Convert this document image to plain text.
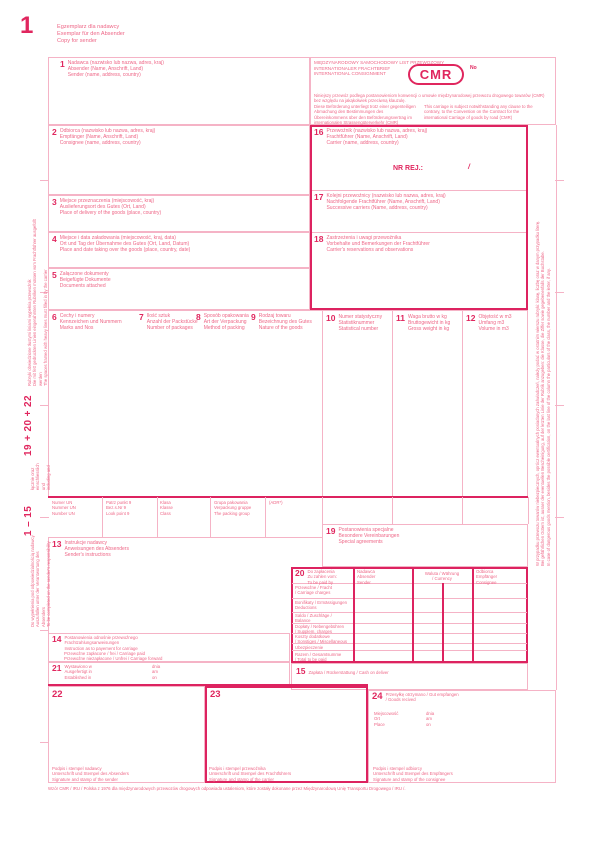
1	Egzemplarz dla nadawcy
Exemplar für den Absender
Copy for sender
1 Nadawca (nazwisko lub nazwa, adres, kraj)
Absender (Name, Anschrift, Land)
Sender (name, address, country)
2 Odbiorca (nazwisko lub nazwa, adres, kraj)
Empfänger (Name, Anschrift, Land)
Consignee (name, address, country)
3 Miejsce przeznaczenia (miejscowość, kraj)
Auslieferungsort des Gutes (Ort, Land)
Place of delivery of the goods (place, country)
4 Miejsce i data załadowania (miejscowość, kraj, data)
Ort und Tag der Übernahme des Gutes (Ort, Land, Datum)
Place and date taking over the goods (place, country, date)
5 Załączone dokumenty
Beigefügte Dokumente
Documents attached
MIĘDZYNARODOWY SAMOCHODOWY LIST PRZEWOZOWY
INTERNATIONALER FRACHTBRIEF
INTERNATIONAL CONSIGNMENT	CMR	No
Niniejszy przewóz podlega postanowieniom konwencji o umowie międzynarodowej przewozu drogowego towarów (CMR) bez względu na jakąkolwiek przeciwną klauzulę.
Diese Beförderung unterliegt trotz einer gegenteiligen Abmachung den Bestimmungen des Übereinkommens über den Beförderungsvertrag im internationalen Strassengüterverkehr (CMR)
This carriage is subject notwithstanding any clause to the contrary, to the Convention on the Contract for the international Carriage of goods by road (CMR)
16 Przewoźnik (nazwisko lub nazwa, adres, kraj)
Frachtführer (Name, Anschrift, Land)
Carrier (name, address, country)
NR REJ.:	/
17 Kolejni przewoźnicy (nazwisko lub nazwa, adres, kraj)
Nachfolgende Frachtführer (Name, Anschrift, Land)
Successive carriers (Name, address, country)
18 Zastrzeżenia i uwagi przewoźnika
Vorbehalte und Bemerkungen der Frachtführer
Carrier's reservations and observations
6 Cechy i numery
Kennzeichen und Nummern
Marks and Nos
7 Ilość sztuk
Anzahl der Packstücke
Number of packages
8 Sposób opakowania
Art der Verpackung
Method of packing
9 Rodzaj towaru
Bezeichnung des Gutes
Nature of the goods
10 Numer statystyczny
Statistiknummer
Statistical number
11 Waga brutto w kg
Bruttogewicht in kg
Gross weight in kg
12 Objętość w m3
Umfang m3
Volume in m3
Numer UN
Nummer UN
Number UN
Patrz punkt 9
Bez.s.Nr 9
Look point 9
Klasa
Klasse
Class
Grupa pakowania
Verpackung gruppe
The packing group
(ADR*)
13 Instrukcje nadawcy
Anweisungen des Absenders
Sender's instructions
19 Postanowienia specjalne
Besondere Vereinbarungen
Special agreements
20 Do zapłacenia
Zu zahlen vom:
To be paid by
Nadawca
Absender
Sender
Waluta / Währung
/ Currency
Odbiorca
Empfänger
Consignee
Przewoźne / Fracht
/ Carriage charges
Bonifikaty / Ermässigungen
Deductions
Saldo / Zuschläge /
Balance
Dopłaty / Nebengebühren
/ Supplem. charges
Koszty dodatkowe
/ Sonstiges / Miscellaneous
Ubezpieczenie
Razem / Gesamtsumme
/ Total to be paid
15 Zapłata / Rückerstattung / Cash on deliver
14 Postanowienia odnośnie przewoźnego
Frachtzahlungsanweisungen
Instruction as to payement for carriage
Przewoźne zapłacone / frei / Carriage paid
Przewoźne niezapłacone / Unfrei / Carriage forward
21 Wystawiono w
Ausgefertigt in
Established in
dnia
am
on
22
Podpis i stempel nadawcy
Unterschrift und Stempel des Absenders
Signature and stamp of the sender
23
Podpis i stempel przewoźnika
Unterschrift und Stempel des Frachtführers
Signature and stamp of the carrier
24 Przesyłkę otrzymano / Gut empfangen
/ Goods recived
Miejscowość
Ort
Place
dnia
am
on
Podpis i stempel odbiorcy
Unterschrift und Stempel des Empfängers
Signature and stamp of the consignee
Wzór CMR / IRU / Polska z 1976 dla międzynarodowych przewozów drogowych odpowiada ustaleniom, które zostały dokonane przez Międzynarodową Unię Transportu Drogowego / IRU /.
Rubryki obwiedzione tłustymi liniami wypełnia przewoźnik Die mit fett gedruckten Linien eingerahmten Rubriken müssen vom Frachtführer ausgefüllt werden The spaces framed with heavy lines must filled in by the carrier
19 + 20 + 22
łącznie oraz einschliesslich und including and
1 – 15
Do wypełnienia pod odpowiedzialnością nadawcy Auszufüllen unter der Verantwortung des Absenders To be completed on the sender's responsibility
W przypadku przewozu towarów niebezpiecznych, oprócz ewentualnych posiadanych zaświadczeń, należy podać w ostatnim wierszu rubryki: klasę, liczbę oraz w danym przypadku literę. Bei gefährlichen Gütern ist, ausser der eventuellen Bescheinigung, auf der letzten Linie der Rubrik anzugeben: die Klasse, die Ziffer sowie gegebenenfalls der Buchstabe. In case of dangerous goods mention, besides the possible certification, on the last line of the column the particulars of the class, the number and the letter, if any.
